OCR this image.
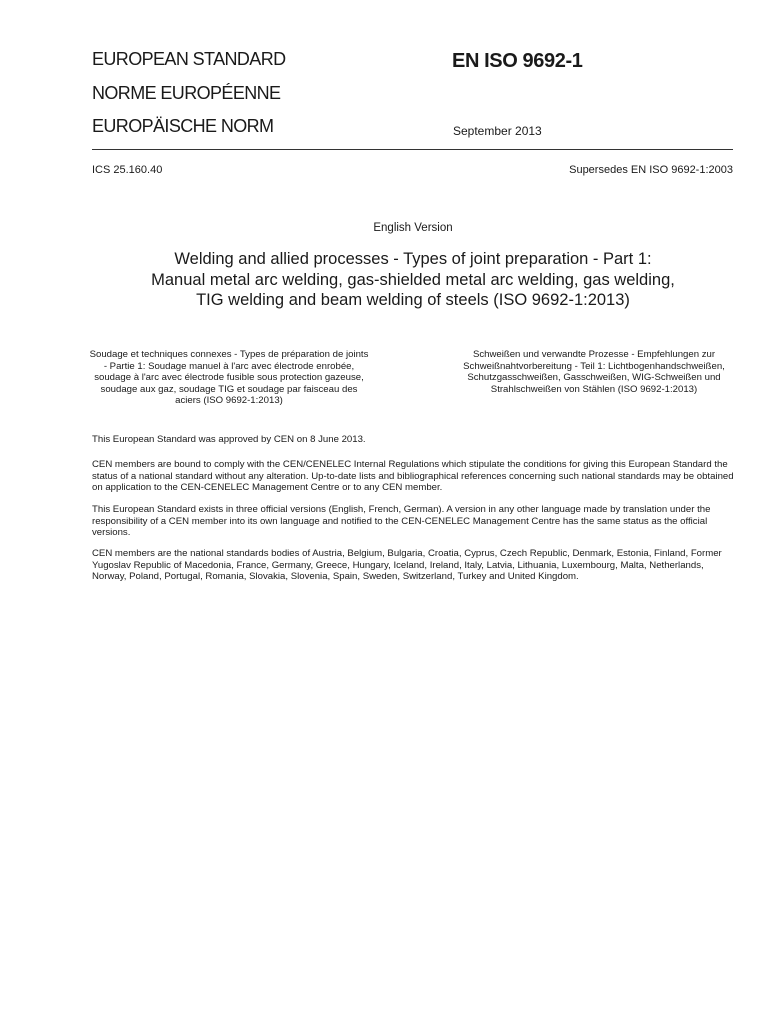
EUROPEAN STANDARD
NORME EUROPÉENNE
EUROPÄISCHE NORM
EN ISO 9692-1
September 2013
ICS 25.160.40	Supersedes EN ISO 9692-1:2003
English Version
Welding and allied processes - Types of joint preparation - Part 1: Manual metal arc welding, gas-shielded metal arc welding, gas welding, TIG welding and beam welding of steels (ISO 9692-1:2013)
Soudage et techniques connexes - Types de préparation de joints - Partie 1: Soudage manuel à l'arc avec électrode enrobée, soudage à l'arc avec électrode fusible sous protection gazeuse, soudage aux gaz, soudage TIG et soudage par faisceau des aciers (ISO 9692-1:2013)
Schweißen und verwandte Prozesse - Empfehlungen zur Schweißnahtvorbereitung - Teil 1: Lichtbogenhandschweißen, Schutzgasschweißen, Gasschweißen, WIG-Schweißen und Strahlschweißen von Stählen (ISO 9692-1:2013)
This European Standard was approved by CEN on 8 June 2013.
CEN members are bound to comply with the CEN/CENELEC Internal Regulations which stipulate the conditions for giving this European Standard the status of a national standard without any alteration. Up-to-date lists and bibliographical references concerning such national standards may be obtained on application to the CEN-CENELEC Management Centre or to any CEN member.
This European Standard exists in three official versions (English, French, German). A version in any other language made by translation under the responsibility of a CEN member into its own language and notified to the CEN-CENELEC Management Centre has the same status as the official versions.
CEN members are the national standards bodies of Austria, Belgium, Bulgaria, Croatia, Cyprus, Czech Republic, Denmark, Estonia, Finland, Former Yugoslav Republic of Macedonia, France, Germany, Greece, Hungary, Iceland, Ireland, Italy, Latvia, Lithuania, Luxembourg, Malta, Netherlands, Norway, Poland, Portugal, Romania, Slovakia, Slovenia, Spain, Sweden, Switzerland, Turkey and United Kingdom.
